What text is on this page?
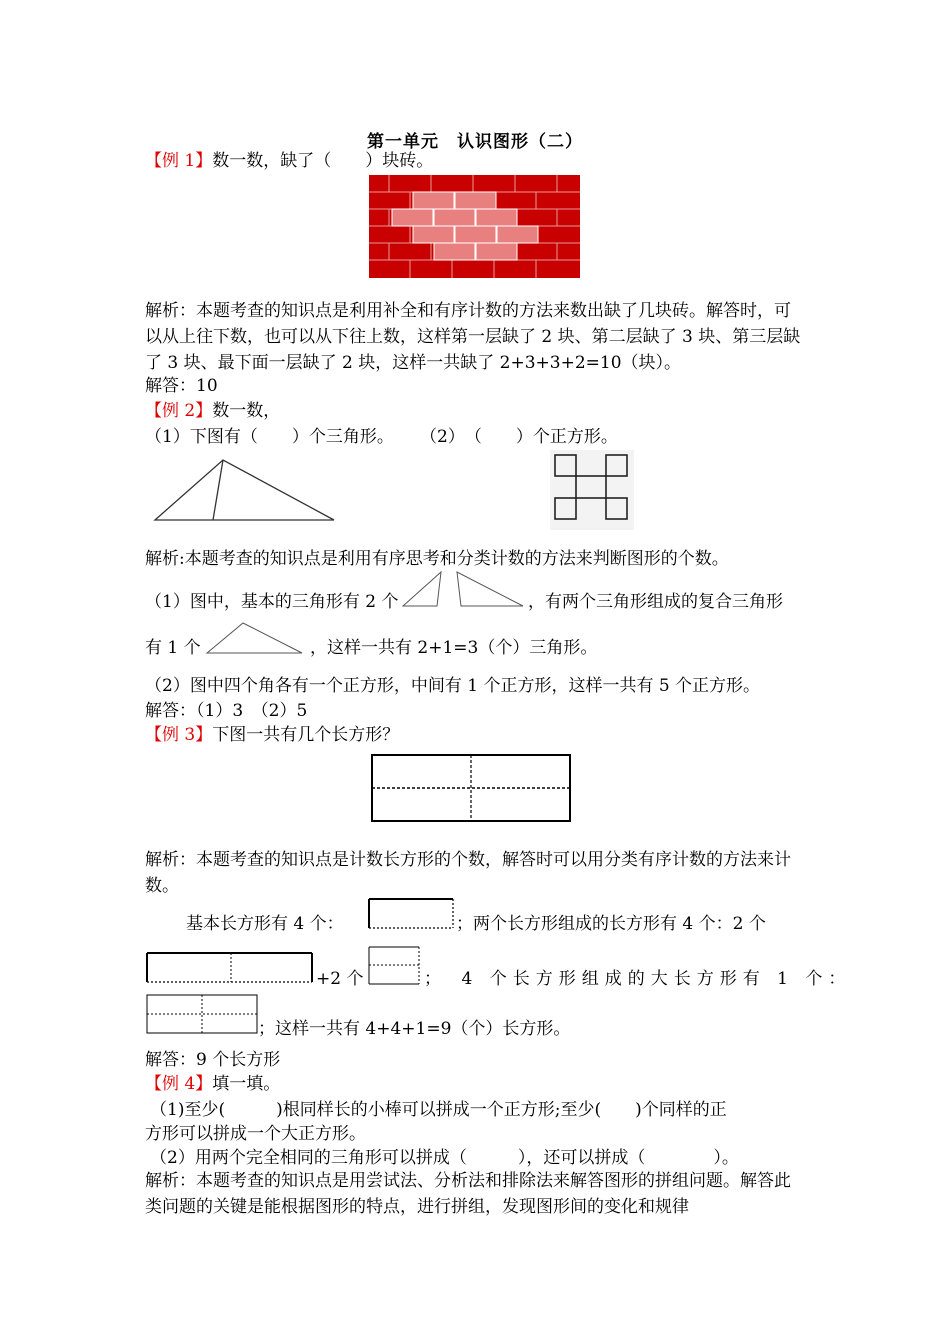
第一单元　认识图形（二）
【例 1】数一数，缺了（　　）块砖。
解析：本题考查的知识点是利用补全和有序计数的方法来数出缺了几块砖。解答时，可以从上往下数，也可以从下往上数，这样第一层缺了 2 块、第二层缺了 3 块、第三层缺了 3 块、最下面一层缺了 2 块，这样一共缺了 2+3+3+2=10（块）。
解答：10
【例 2】数一数，
（1）下图有（　　）个三角形。 （2）　（　　）个正方形。
解析:本题考查的知识点是利用有序思考和分类计数的方法来判断图形的个数。
（1）图中，基本的三角形有 2 个	，有两个三角形组成的复合三角形
有 1 个	，这样一共有 2+1=3（个）三角形。
（2）图中四个角各有一个正方形，中间有 1 个正方形，这样一共有 5 个正方形。
解答：（1）3　（2）5
【例 3】下图一共有几个长方形？
解析：本题考查的知识点是计数长方形的个数，解答时可以用分类有序计数的方法来计数。
基本长方形有 4 个：	；两个长方形组成的长方形有 4 个：2 个
+2 个	；　4 个长方形组成的大长方形有 1 个：
；这样一共有 4+4+1=9（个）长方形。
解答：9 个长方形
【例 4】填一填。
（1)至少(　　　)根同样长的小棒可以拼成一个正方形;至少(　　)个同样的正
方形可以拼成一个大正方形。
（2）用两个完全相同的三角形可以拼成（　　　），还可以拼成（　　　　）。
解析：本题考查的知识点是用尝试法、分析法和排除法来解答图形的拼组问题。解答此类问题的关键是能根据图形的特点，进行拼组，发现图形间的变化和规律
